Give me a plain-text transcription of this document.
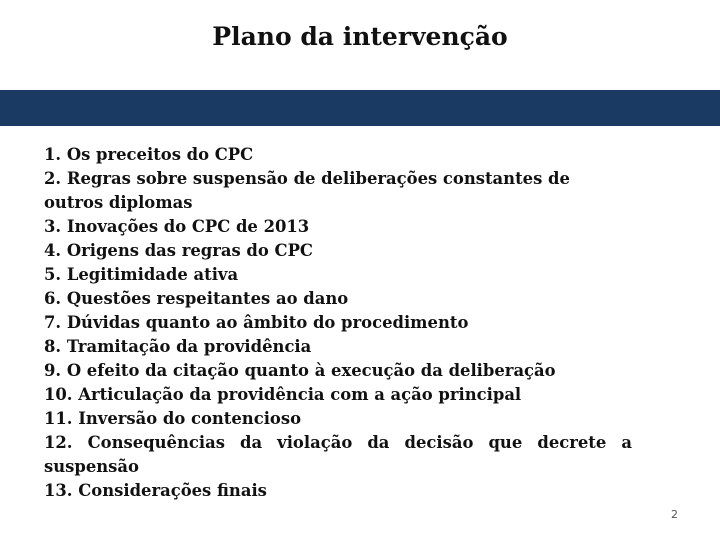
Plano da intervenção
1. Os preceitos do CPC
2. Regras sobre suspensão de deliberações constantes de outros diplomas
3. Inovações do CPC de 2013
4. Origens das regras do CPC
5. Legitimidade ativa
6. Questões respeitantes ao dano
7. Dúvidas quanto ao âmbito do procedimento
8. Tramitação da providência
9. O efeito da citação quanto à execução da deliberação
10. Articulação da providência com a ação principal
11. Inversão do contencioso
12. Consequências da violação da decisão que decrete a suspensão
13. Considerações finais
2
